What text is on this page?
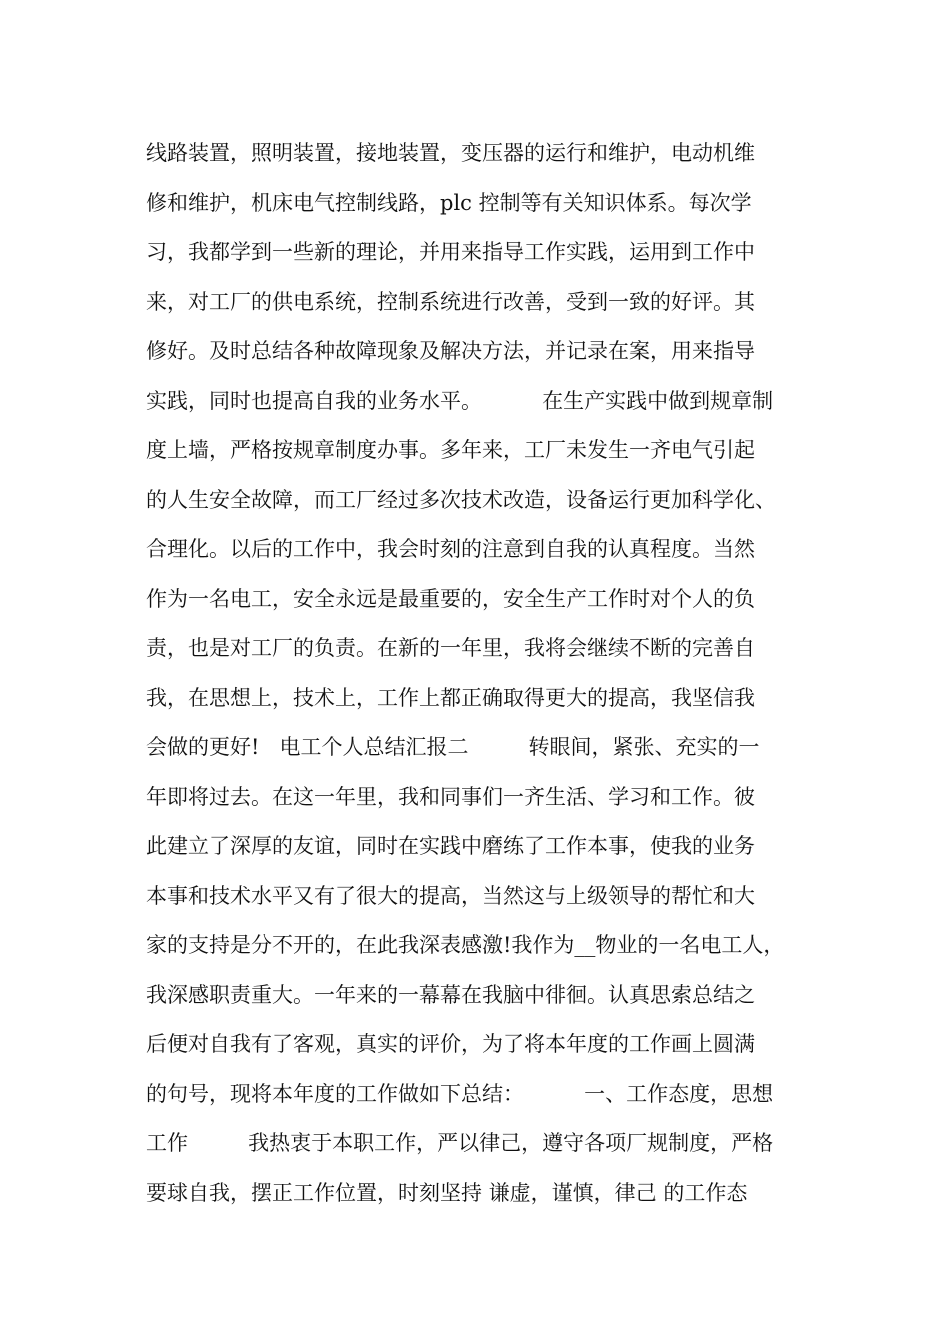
线路装置，照明装置，接地装置，变压器的运行和维护，电动机维
修和维护，机床电气控制线路，plc 控制等有关知识体系。每次学
习，我都学到一些新的理论，并用来指导工作实践，运用到工作中
来，对工厂的供电系统，控制系统进行改善，受到一致的好评。其
修好。及时总结各种故障现象及解决方法，并记录在案，用来指导
实践，同时也提高自我的业务水平。         在生产实践中做到规章制
度上墙，严格按规章制度办事。多年来，工厂未发生一齐电气引起
的人生安全故障，而工厂经过多次技术改造，设备运行更加科学化、
合理化。以后的工作中，我会时刻的注意到自我的认真程度。当然
作为一名电工，安全永远是最重要的，安全生产工作时对个人的负
责，也是对工厂的负责。在新的一年里，我将会继续不断的完善自
我，在思想上，技术上，工作上都正确取得更大的提高，我坚信我
会做的更好!   电工个人总结汇报二         转眼间，紧张、充实的一
年即将过去。在这一年里，我和同事们一齐生活、学习和工作。彼
此建立了深厚的友谊，同时在实践中磨练了工作本事，使我的业务
本事和技术水平又有了很大的提高，当然这与上级领导的帮忙和大
家的支持是分不开的，在此我深表感激!我作为__物业的一名电工人，
我深感职责重大。一年来的一幕幕在我脑中徘徊。认真思索总结之
后便对自我有了客观，真实的评价，为了将本年度的工作画上圆满
的句号，现将本年度的工作做如下总结：         一、工作态度，思想
工作         我热衷于本职工作，严以律己，遵守各项厂规制度，严格
要球自我，摆正工作位置，时刻坚持 谦虚，谨慎，律己 的工作态
